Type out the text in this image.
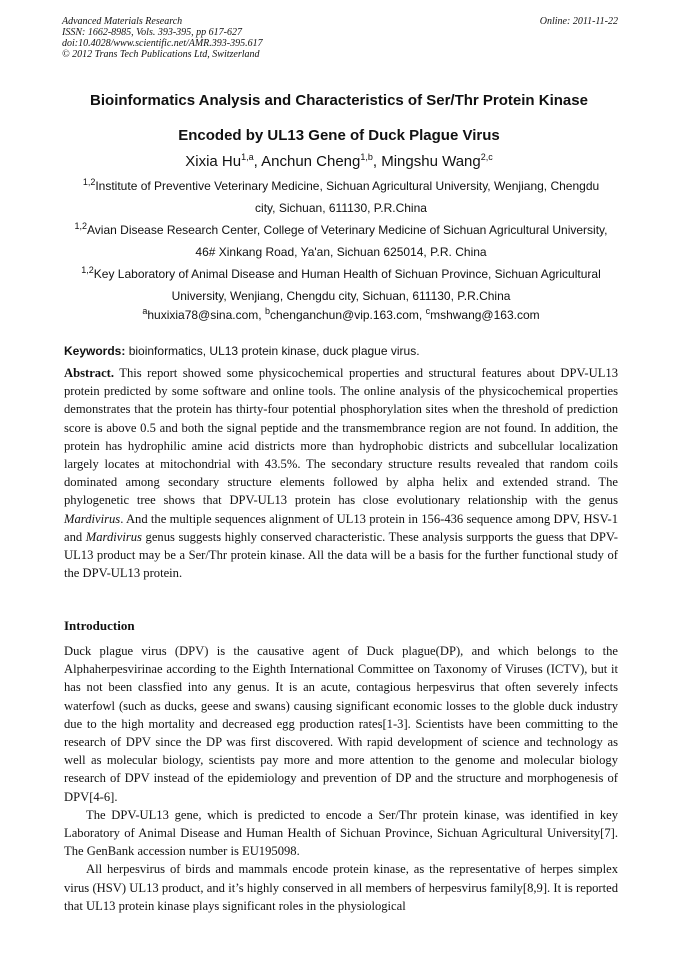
Advanced Materials Research
ISSN: 1662-8985, Vols. 393-395, pp 617-627
doi:10.4028/www.scientific.net/AMR.393-395.617
© 2012 Trans Tech Publications Ltd, Switzerland
Online: 2011-11-22
Bioinformatics Analysis and Characteristics of Ser/Thr Protein Kinase
Encoded by UL13 Gene of Duck Plague Virus
Xixia Hu$^{1,a}$, Anchun Cheng$^{1,b}$, Mingshu Wang$^{2,c}$
$^{1,2}$Institute of Preventive Veterinary Medicine, Sichuan Agricultural University, Wenjiang, Chengdu
city, Sichuan, 611130, P.R.China
$^{1,2}$Avian Disease Research Center, College of Veterinary Medicine of Sichuan Agricultural University,
46# Xinkang Road, Ya'an, Sichuan 625014, P.R. China
$^{1,2}$Key Laboratory of Animal Disease and Human Health of Sichuan Province, Sichuan Agricultural
University, Wenjiang, Chengdu city, Sichuan, 611130, P.R.China
$^a$huxixia78@sina.com, $^b$chenganchun@vip.163.com, $^c$mshwang@163.com
Keywords: bioinformatics, UL13 protein kinase, duck plague virus.

Abstract. This report showed some physicochemical properties and structural features about DPV-UL13 protein predicted by some software and online tools. The online analysis of the physicochemical properties demonstrates that the protein has thirty-four potential phosphorylation sites when the threshold of prediction score is above 0.5 and both the signal peptide and the transmembrance region are not found. In addition, the protein has hydrophilic amine acid districts more than hydrophobic districts and subcellular localization largely locates at mitochondrial with 43.5%. The secondary structure results revealed that random coils dominated among secondary structure elements followed by alpha helix and extended strand. The phylogenetic tree shows that DPV-UL13 protein has close evolutionary relationship with the genus Mardivirus. And the multiple sequences alignment of UL13 protein in 156-436 sequence among DPV, HSV-1 and Mardivirus genus suggests highly conserved characteristic. These analysis surpports the guess that DPV-UL13 product may be a Ser/Thr protein kinase. All the data will be a basis for the further functional study of the DPV-UL13 protein.

Introduction

Duck plague virus (DPV) is the causative agent of Duck plague(DP), and which belongs to the Alphaherpesvirinae according to the Eighth International Committee on Taxonomy of Viruses (ICTV), but it has not been classfied into any genus. It is an acute, contagious herpesvirus that often severely infects waterfowl (such as ducks, geese and swans) causing significant economic losses to the globle duck industry due to the high mortality and decreased egg production rates[1-3]. Scientists have been committing to the research of DPV since the DP was first discovered. With rapid development of science and technology as well as molecular biology, scientists pay more and more attention to the genome and molecular biology research of DPV instead of the epidemiology and prevention of DP and the structure and morphogenesis of DPV[4-6].

The DPV-UL13 gene, which is predicted to encode a Ser/Thr protein kinase, was identified in key Laboratory of Animal Disease and Human Health of Sichuan Province, Sichuan Agricultural University[7]. The GenBank accession number is EU195098.

All herpesvirus of birds and mammals encode protein kinase, as the representative of herpes simplex virus (HSV) UL13 product, and it’s highly conserved in all members of herpesvirus family[8,9]. It is reported that UL13 protein kinase plays significant roles in the physiological
